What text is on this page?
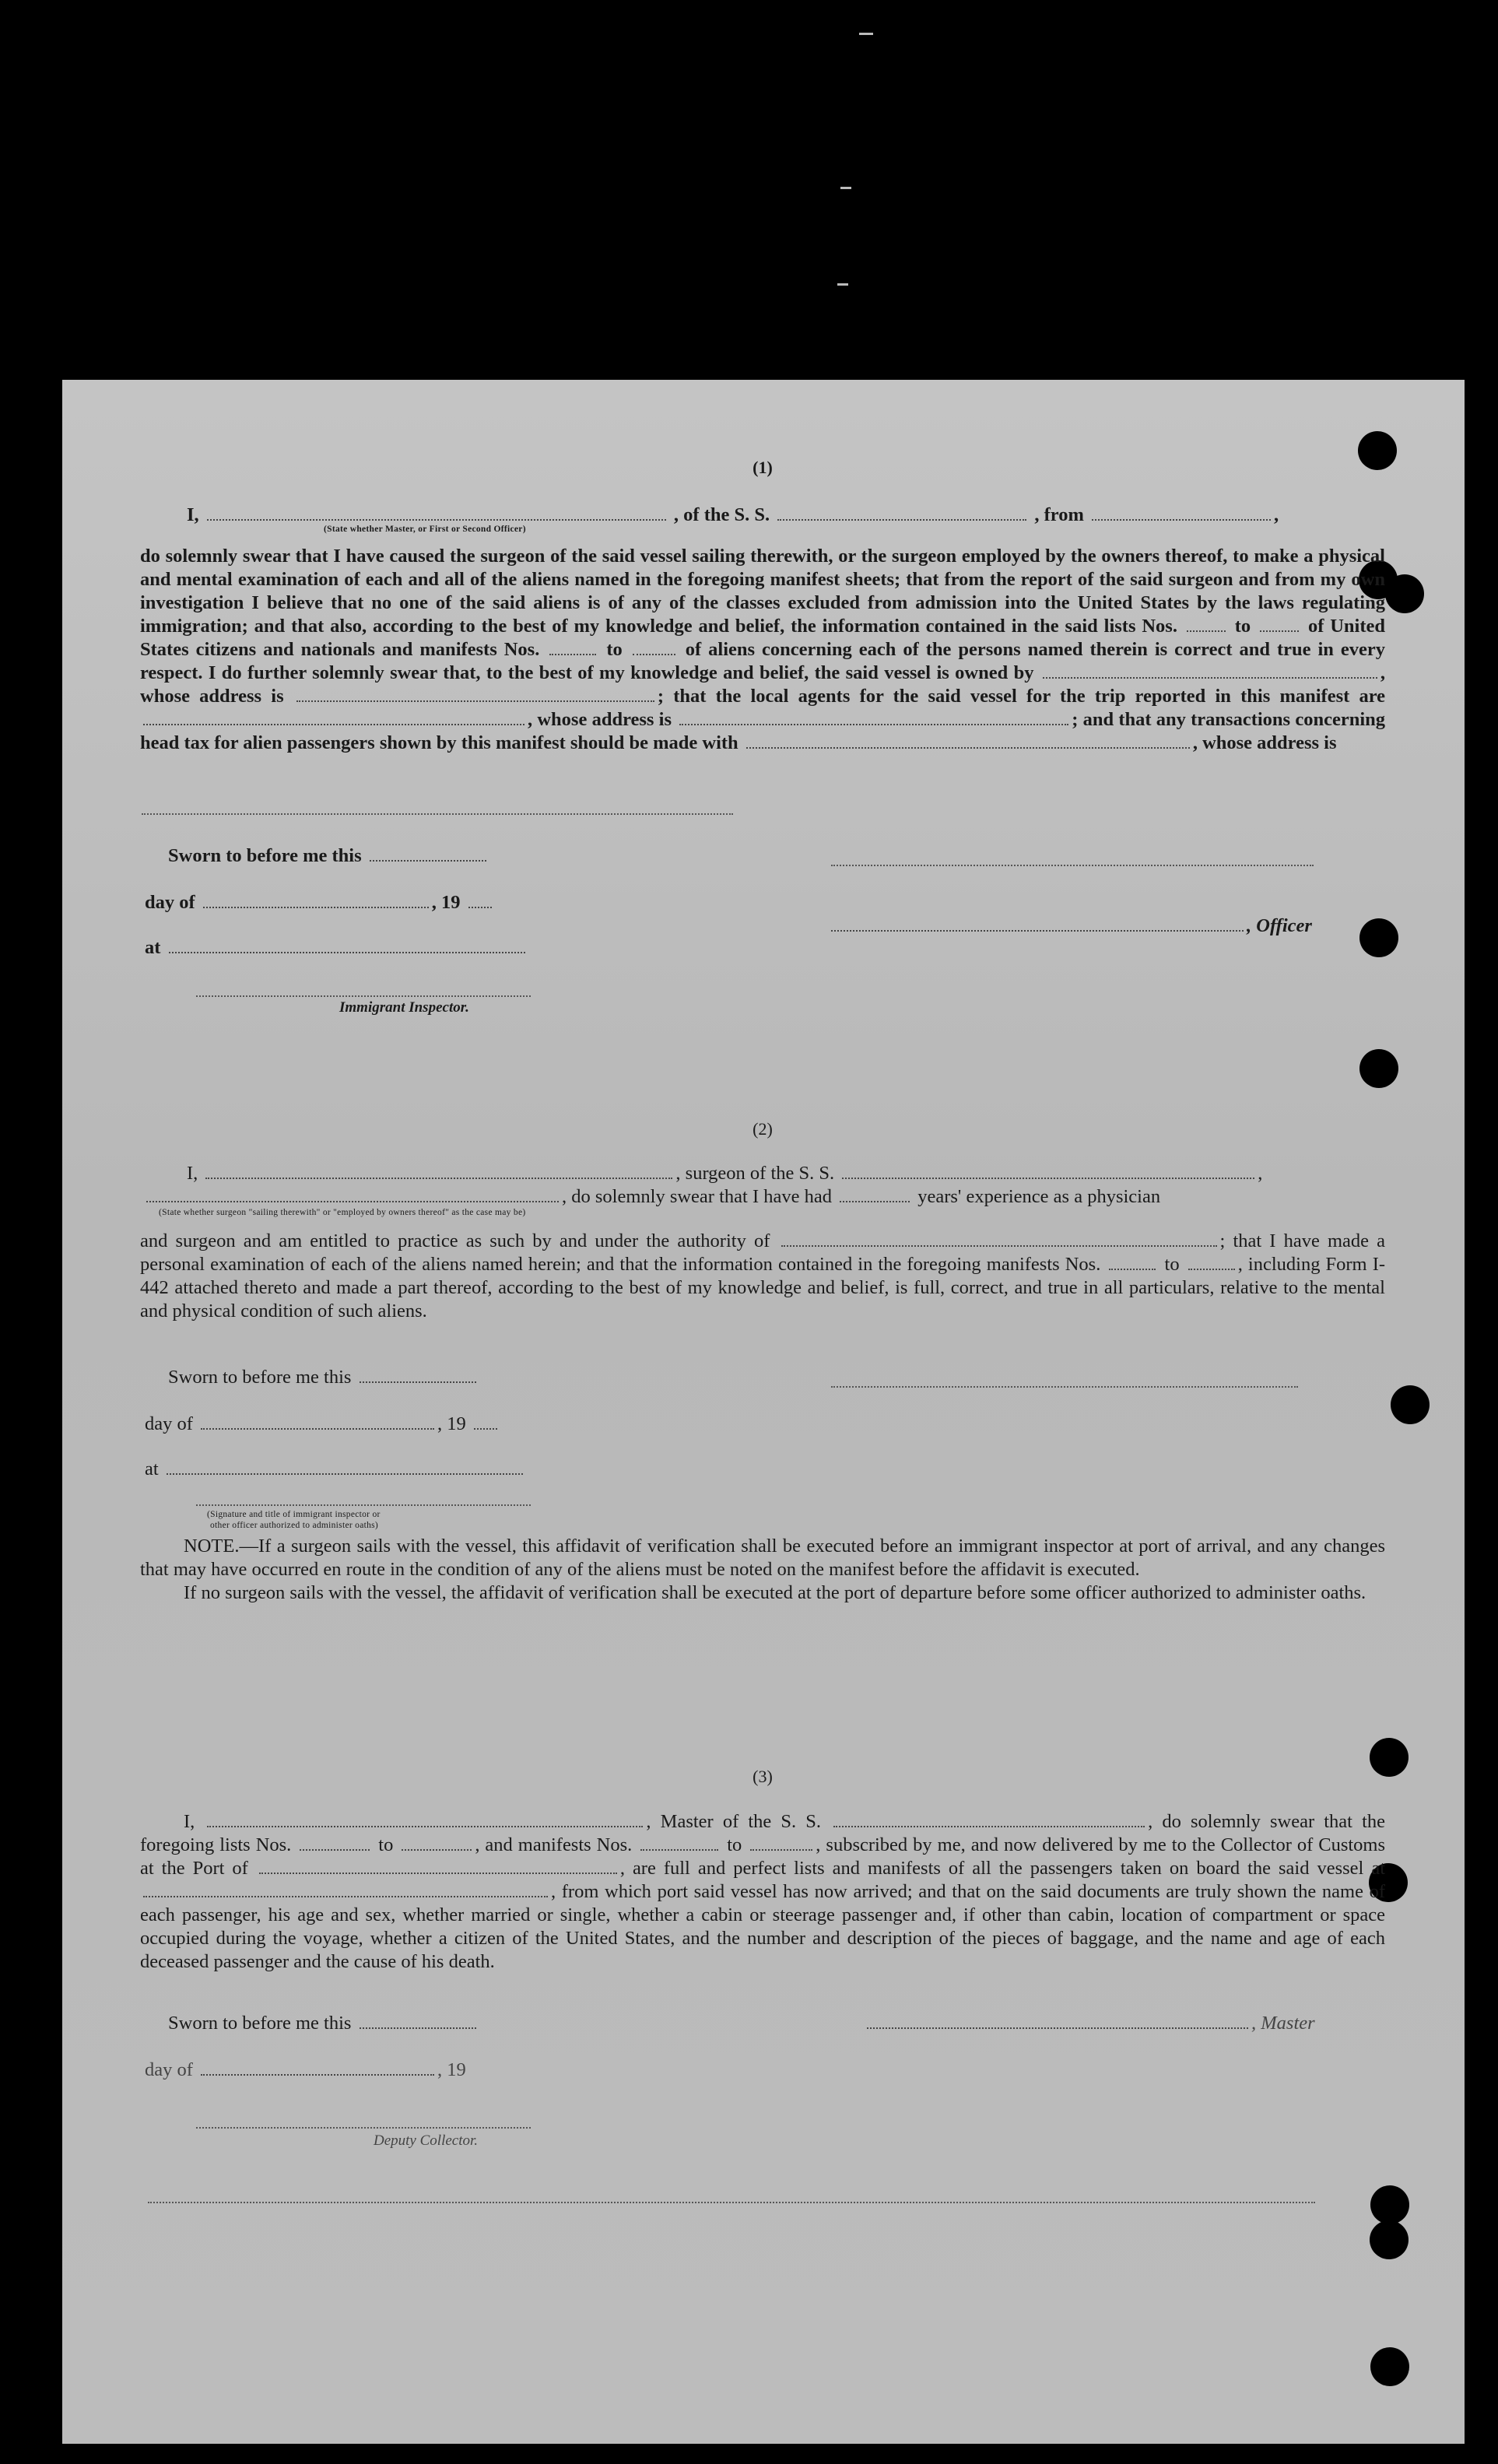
(1)

I,	, of the S. S.	, from	,
(State whether Master, or First or Second Officer)

do solemnly swear that I have caused the surgeon of the said vessel sailing therewith, or the surgeon employed by the owners thereof, to make a physical and mental examination of each and all of the aliens named in the foregoing manifest sheets; that from the report of the said surgeon and from my own investigation I believe that no one of the said aliens is of any of the classes excluded from admission into the United States by the laws regulating immigration; and that also, according to the best of my knowledge and belief, the information contained in the said lists Nos.	to	of United States citizens and nationals and manifests Nos.	to	of aliens concerning each of the persons named therein is correct and true in every respect. I do further solemnly swear that, to the best of my knowledge and belief, the said vessel is owned by	, whose address is	; that the local agents for the said vessel for the trip reported in this manifest are , whose address is	; and that any transactions concerning head tax for alien passengers shown by this manifest should be made with	, whose address is

Sworn to before me this
day of	, 19
, Officer
at
Immigrant Inspector.

(2)

I,	, surgeon of the S. S.	,
, do solemnly swear that I have had	years' experience as a physician
(State whether surgeon "sailing therewith" or "employed by owners thereof" as the case may be)

and surgeon and am entitled to practice as such by and under the authority of	; that I have made a personal examination of each of the aliens named herein; and that the information contained in the foregoing manifests Nos.	to	, including Form I-442 attached thereto and made a part thereof, according to the best of my knowledge and belief, is full, correct, and true in all particulars, relative to the mental and physical condition of such aliens.

Sworn to before me this
day of	, 19
at
(Signature and title of immigrant inspector or
other officer authorized to administer oaths)

NOTE.—If a surgeon sails with the vessel, this affidavit of verification shall be executed before an immigrant inspector at port of arrival, and any changes that may have occurred en route in the condition of any of the aliens must be noted on the manifest before the affidavit is executed.

If no surgeon sails with the vessel, the affidavit of verification shall be executed at the port of departure before some officer authorized to administer oaths.

(3)

I,	, Master of the S. S.	, do solemnly swear that the foregoing lists Nos.	to	, and manifests Nos.	to	, subscribed by me, and now delivered by me to the Collector of Customs at the Port of	, are full and perfect lists and manifests of all the passengers taken on board the said vessel at , from which port said vessel has now arrived; and that on the said documents are truly shown the name of each passenger, his age and sex, whether married or single, whether a cabin or steerage passenger and, if other than cabin, location of compartment or space occupied during the voyage, whether a citizen of the United States, and the number and description of the pieces of baggage, and the name and age of each deceased passenger and the cause of his death.

Sworn to before me this	, Master
day of	, 19
Deputy Collector.
